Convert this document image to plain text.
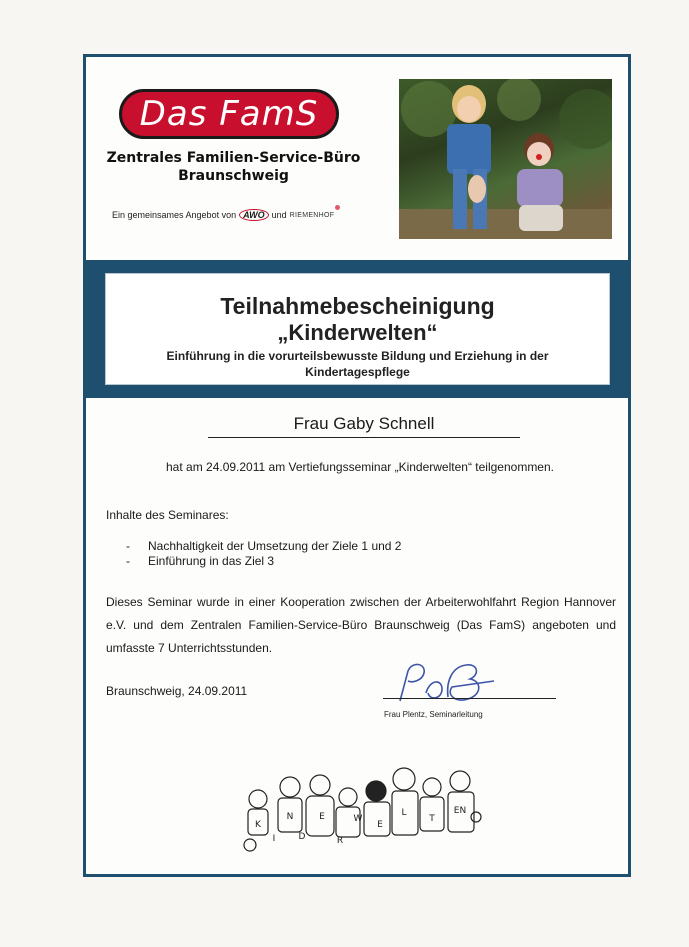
Das FamS
Zentrales Familien-Service-Büro
Braunschweig
Ein gemeinsames Angebot von AWO und RIEMENHOF
Teilnahmebescheinigung
„Kinderwelten“
Einführung in die vorurteilsbewusste Bildung und Erziehung in der Kindertagespflege
Frau Gaby Schnell
hat am 24.09.2011 am Vertiefungsseminar „Kinderwelten“ teilgenommen.
Inhalte des Seminares:
- Nachhaltigkeit der Umsetzung der Ziele 1 und 2
- Einführung in das Ziel 3
Dieses Seminar wurde in einer Kooperation zwischen der Arbeiterwohlfahrt Region Hannover e.V. und dem Zentralen Familien-Service-Büro Braunschweig (Das FamS) angeboten und umfasste 7 Unterrichtsstunden.
Braunschweig, 24.09.2011
Frau Plentz, Seminarleitung
K
I
N
D
E
R
W
E
L
T
EN
